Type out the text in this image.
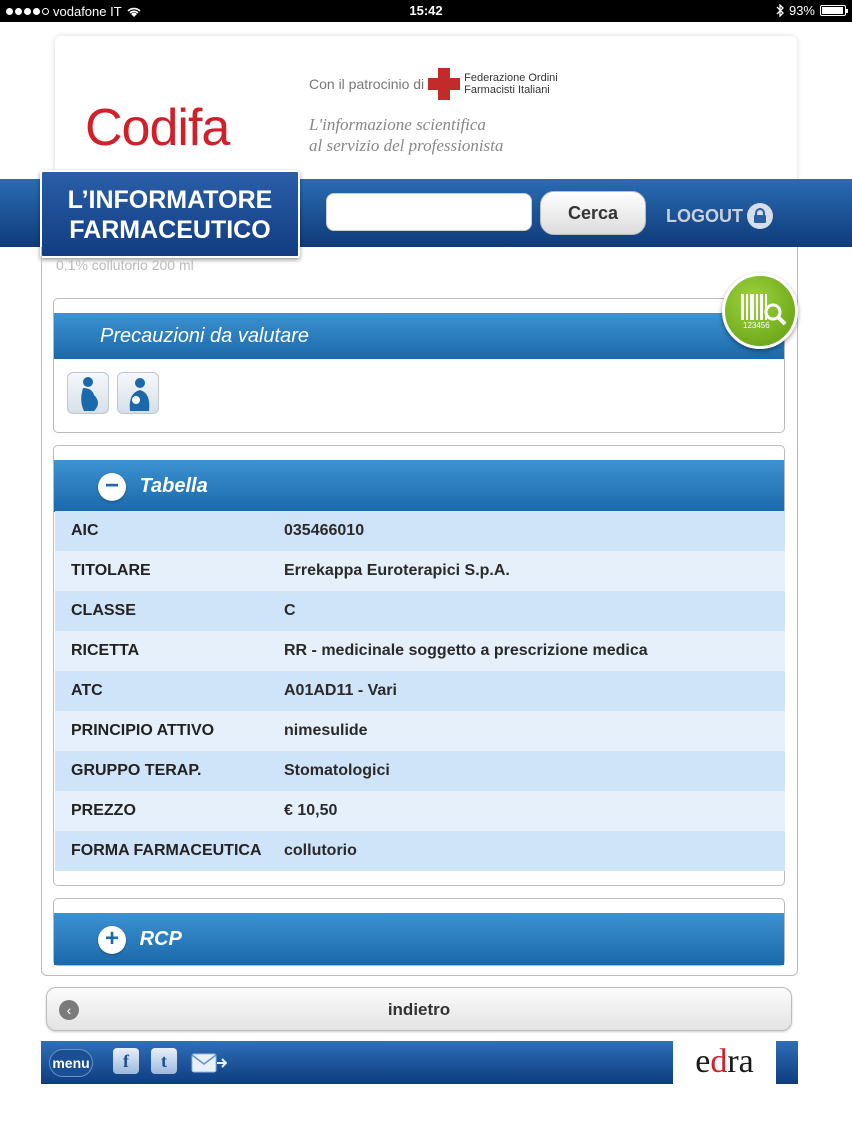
vodafone IT	15:42	93%
Codifa
Con il patrocinio di	Federazione Ordini
Farmacisti Italiani
L'informazione scientifica
al servizio del professionista
L’INFORMATORE
FARMACEUTICO
Cerca	LOGOUT
0,1% collutorio 200 ml
Precauzioni da valutare	123456
− Tabella
AIC	035466010
TITOLARE	Errekappa Euroterapici S.p.A.
CLASSE	C
RICETTA	RR - medicinale soggetto a prescrizione medica
ATC	A01AD11 - Vari
PRINCIPIO ATTIVO	nimesulide
GRUPPO TERAP.	Stomatologici
PREZZO	€ 10,50
FORMA FARMACEUTICA	collutorio
+ RCP
‹	indietro
menu	f	t	edra
